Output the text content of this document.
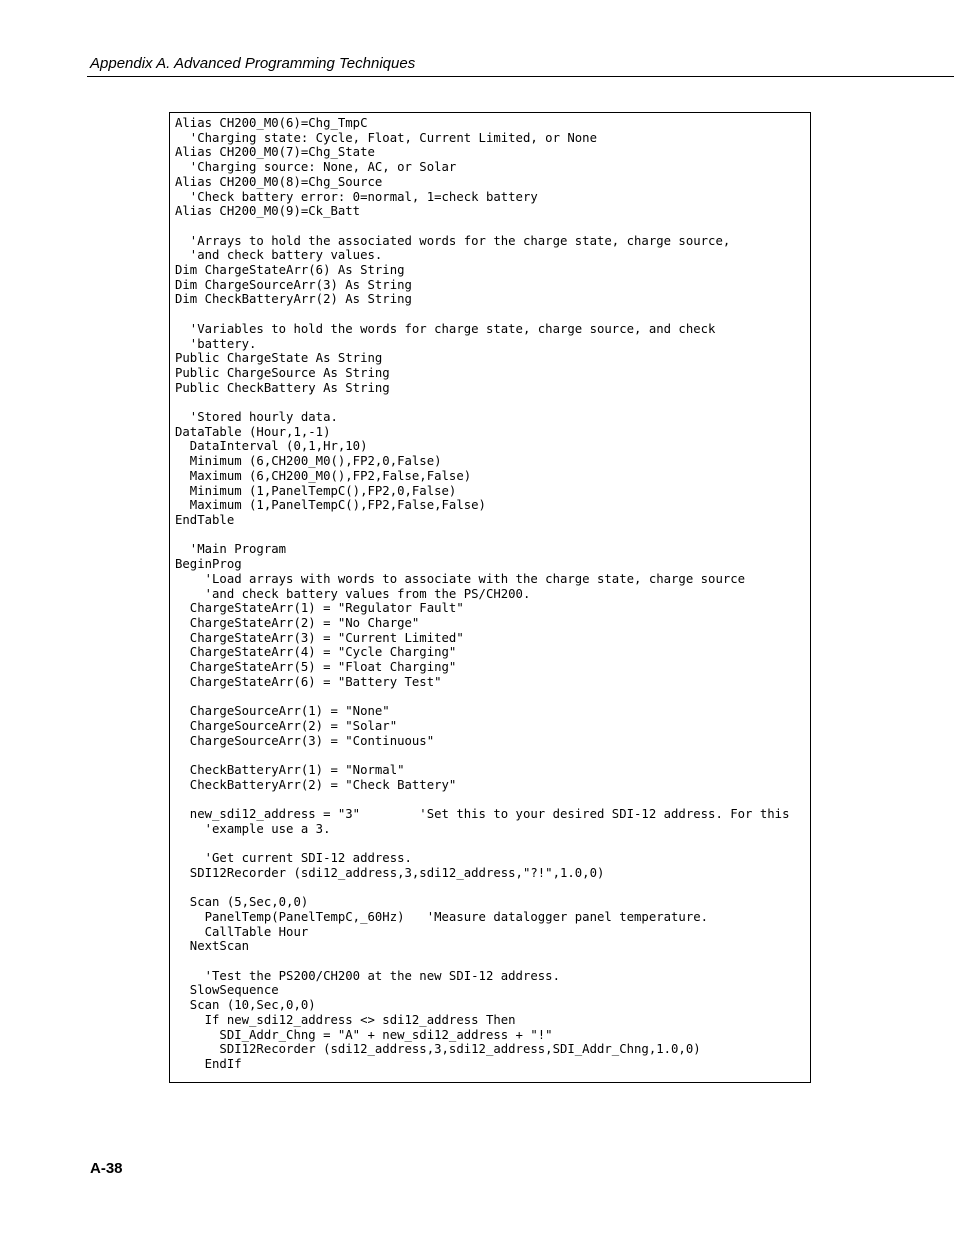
Appendix A. Advanced Programming Techniques
Alias CH200_M0(6)=Chg_TmpC
'Charging state: Cycle, Float, Current Limited, or None
Alias CH200_M0(7)=Chg_State
'Charging source: None, AC, or Solar
Alias CH200_M0(8)=Chg_Source
'Check battery error: 0=normal, 1=check battery
Alias CH200_M0(9)=Ck_Batt

'Arrays to hold the associated words for the charge state, charge source,
'and check battery values.
Dim ChargeStateArr(6) As String
Dim ChargeSourceArr(3) As String
Dim CheckBatteryArr(2) As String

'Variables to hold the words for charge state, charge source, and check
'battery.
Public ChargeState As String
Public ChargeSource As String
Public CheckBattery As String

'Stored hourly data.
DataTable (Hour,1,-1)
DataInterval (0,1,Hr,10)
Minimum (6,CH200_M0(),FP2,0,False)
Maximum (6,CH200_M0(),FP2,False,False)
Minimum (1,PanelTempC(),FP2,0,False)
Maximum (1,PanelTempC(),FP2,False,False)
EndTable

'Main Program
BeginProg
'Load arrays with words to associate with the charge state, charge source
'and check battery values from the PS/CH200.
ChargeStateArr(1) = "Regulator Fault"
ChargeStateArr(2) = "No Charge"
ChargeStateArr(3) = "Current Limited"
ChargeStateArr(4) = "Cycle Charging"
ChargeStateArr(5) = "Float Charging"
ChargeStateArr(6) = "Battery Test"

ChargeSourceArr(1) = "None"
ChargeSourceArr(2) = "Solar"
ChargeSourceArr(3) = "Continuous"

CheckBatteryArr(1) = "Normal"
CheckBatteryArr(2) = "Check Battery"

new_sdi12_address = "3"        'Set this to your desired SDI-12 address. For this
'example use a 3.

'Get current SDI-12 address.
SDI12Recorder (sdi12_address,3,sdi12_address,"?!",1.0,0)

Scan (5,Sec,0,0)
PanelTemp(PanelTempC,_60Hz)   'Measure datalogger panel temperature.
CallTable Hour
NextScan

'Test the PS200/CH200 at the new SDI-12 address.
SlowSequence
Scan (10,Sec,0,0)
If new_sdi12_address <> sdi12_address Then
SDI_Addr_Chng = "A" + new_sdi12_address + "!"
SDI12Recorder (sdi12_address,3,sdi12_address,SDI_Addr_Chng,1.0,0)
EndIf
A-38
